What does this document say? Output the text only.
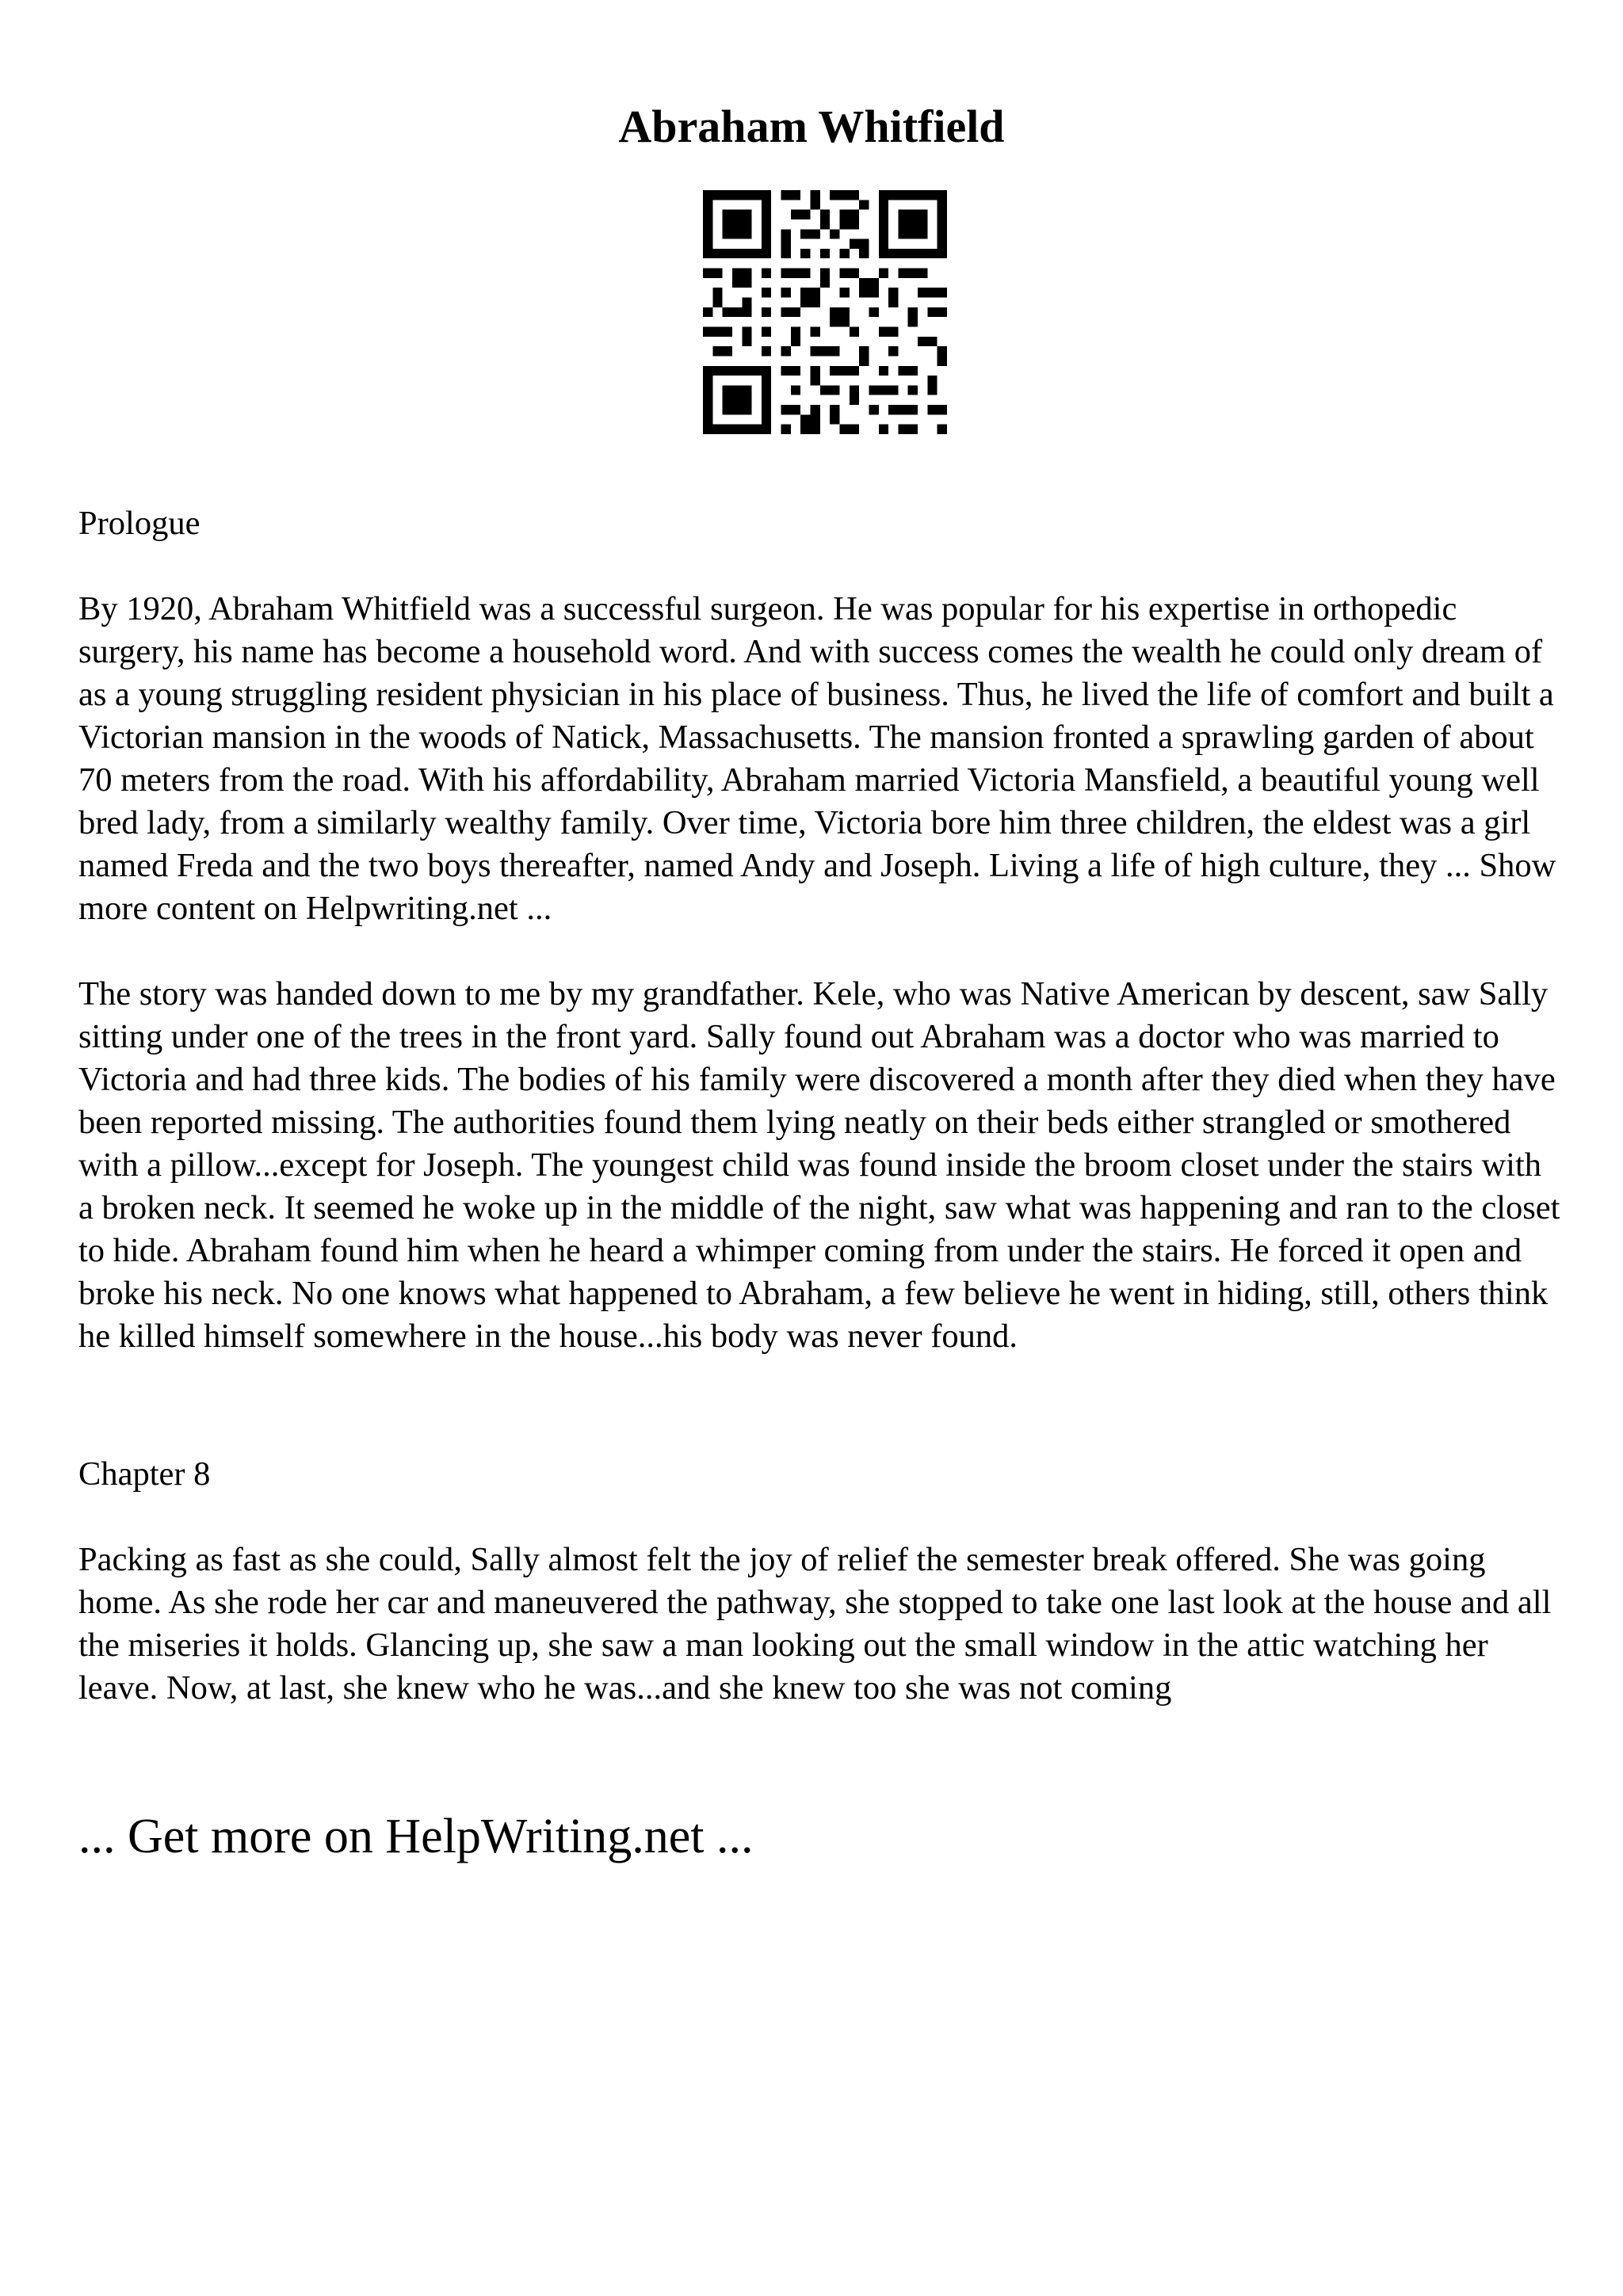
Abraham Whitfield

Prologue

By 1920, Abraham Whitfield was a successful surgeon. He was popular for his expertise in orthopedic surgery, his name has become a household word. And with success comes the wealth he could only dream of as a young struggling resident physician in his place of business. Thus, he lived the life of comfort and built a Victorian mansion in the woods of Natick, Massachusetts. The mansion fronted a sprawling garden of about 70 meters from the road. With his affordability, Abraham married Victoria Mansfield, a beautiful young well bred lady, from a similarly wealthy family. Over time, Victoria bore him three children, the eldest was a girl named Freda and the two boys thereafter, named Andy and Joseph. Living a life of high culture, they ... Show more content on Helpwriting.net ...

The story was handed down to me by my grandfather. Kele, who was Native American by descent, saw Sally sitting under one of the trees in the front yard. Sally found out Abraham was a doctor who was married to Victoria and had three kids. The bodies of his family were discovered a month after they died when they have been reported missing. The authorities found them lying neatly on their beds either strangled or smothered with a pillow...except for Joseph. The youngest child was found inside the broom closet under the stairs with a broken neck. It seemed he woke up in the middle of the night, saw what was happening and ran to the closet to hide. Abraham found him when he heard a whimper coming from under the stairs. He forced it open and broke his neck. No one knows what happened to Abraham, a few believe he went in hiding, still, others think he killed himself somewhere in the house...his body was never found.

Chapter 8

Packing as fast as she could, Sally almost felt the joy of relief the semester break offered. She was going home. As she rode her car and maneuvered the pathway, she stopped to take one last look at the house and all the miseries it holds. Glancing up, she saw a man looking out the small window in the attic watching her leave. Now, at last, she knew who he was...and she knew too she was not coming

... Get more on HelpWriting.net ...
